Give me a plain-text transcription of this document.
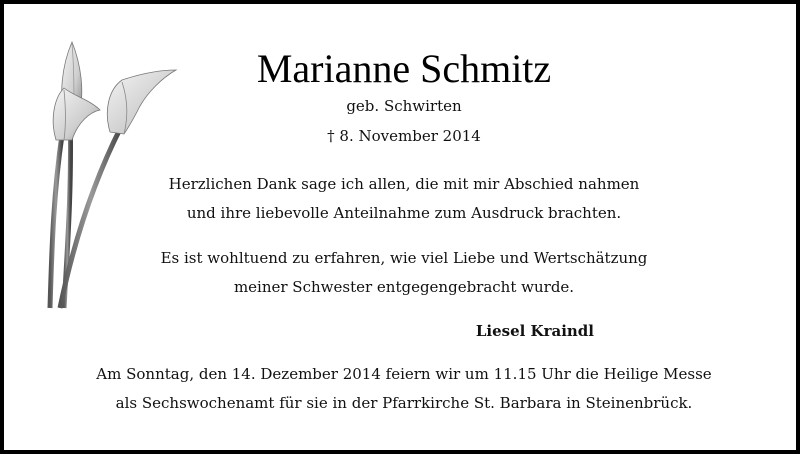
Marianne Schmitz
geb. Schwirten
† 8. November 2014
Herzlichen Dank sage ich allen, die mit mir Abschied nahmen
und ihre liebevolle Anteilnahme zum Ausdruck brachten.
Es ist wohltuend zu erfahren, wie viel Liebe und Wertschätzung
meiner Schwester entgegengebracht wurde.
Liesel Kraindl
Am Sonntag, den 14. Dezember 2014 feiern wir um 11.15 Uhr die Heilige Messe
als Sechswochenamt für sie in der Pfarrkirche St. Barbara in Steinenbrück.
